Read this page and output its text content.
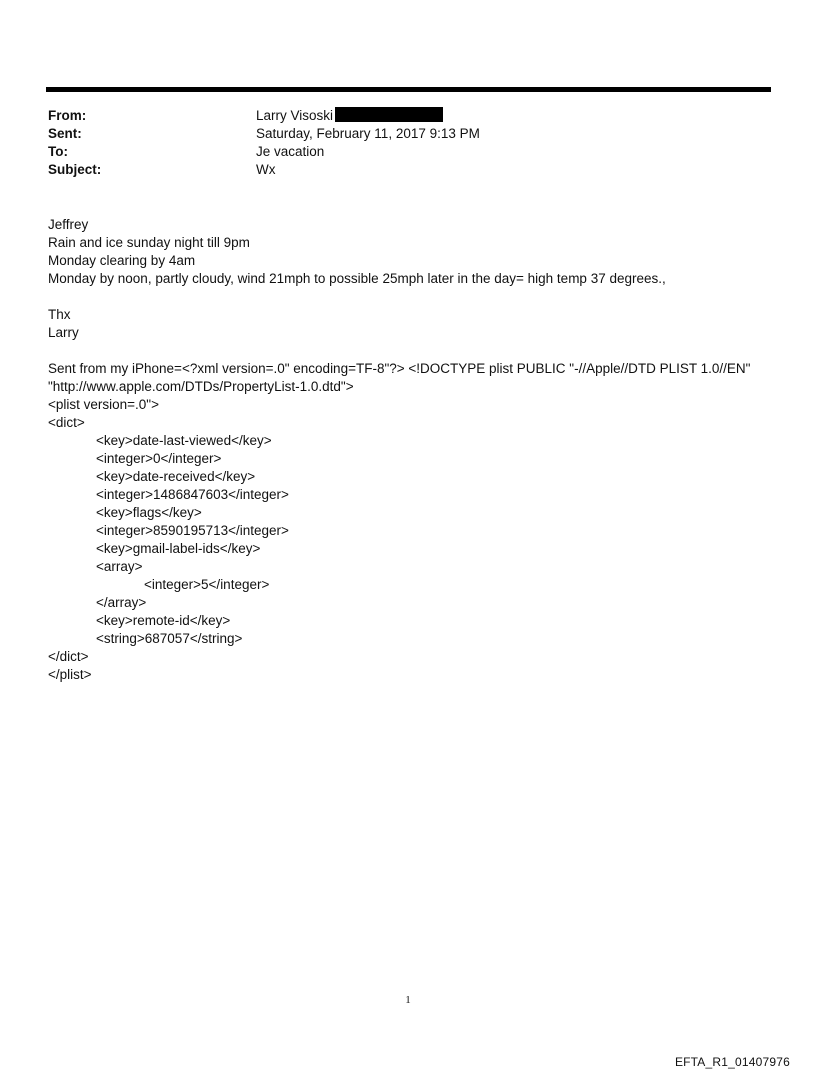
From:	Larry Visoski
Sent:	Saturday, February 11, 2017 9:13 PM
To:	Je vacation
Subject:	Wx
Jeffrey
Rain and ice sunday night till 9pm
Monday clearing by 4am
Monday by noon, partly cloudy, wind 21mph to possible 25mph later in the day= high temp 37 degrees.,
Thx
Larry
Sent from my iPhone=<?xml version=.0" encoding=TF-8"?> <!DOCTYPE plist PUBLIC "-//Apple//DTD PLIST 1.0//EN"
"http://www.apple.com/DTDs/PropertyList-1.0.dtd">
<plist version=.0">
<dict>
<key>date-last-viewed</key>
<integer>0</integer>
<key>date-received</key>
<integer>1486847603</integer>
<key>flags</key>
<integer>8590195713</integer>
<key>gmail-label-ids</key>
<array>
<integer>5</integer>
</array>
<key>remote-id</key>
<string>687057</string>
</dict>
</plist>
1
EFTA_R1_01407976
